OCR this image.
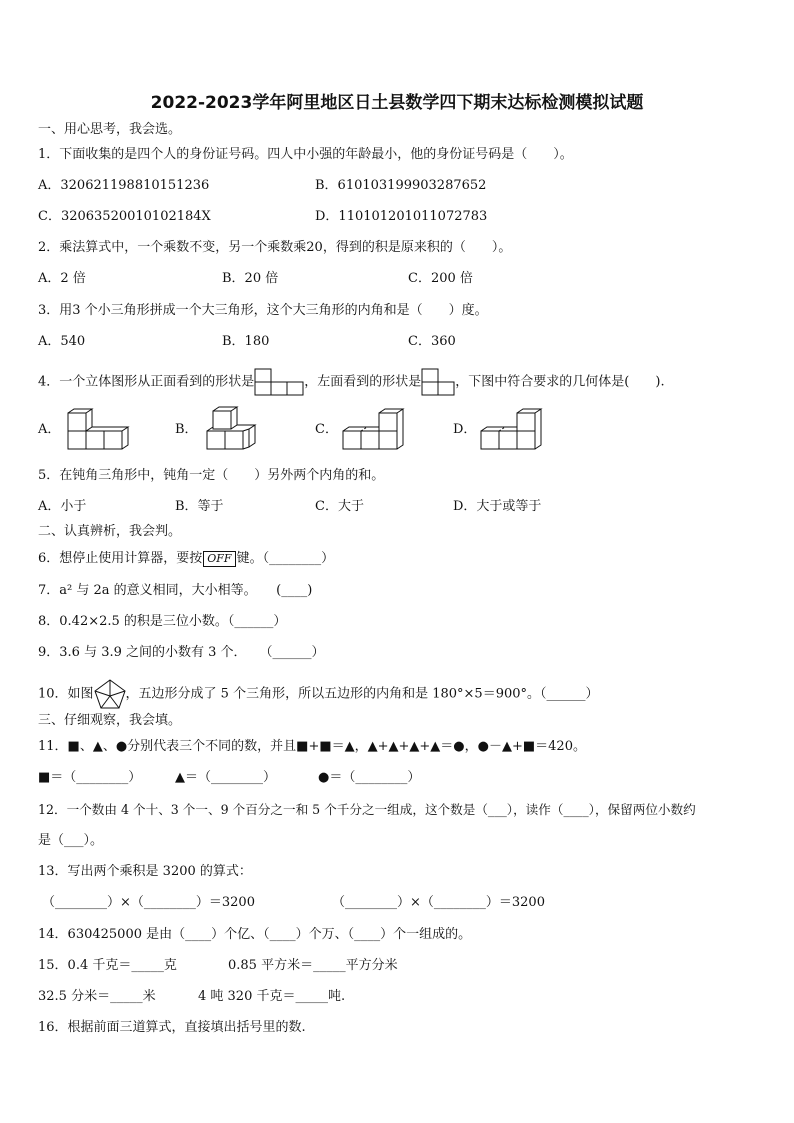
2022-2023学年阿里地区日土县数学四下期末达标检测模拟试题
一、用心思考，我会选。
1．下面收集的是四个人的身份证号码。四人中小强的年龄最小，他的身份证号码是（　　）。
A．320621198810151236	B．610103199903287652
C．320635200101021​84X	D．110101201011072783
2．乘法算式中，一个乘数不变，另一个乘数乘20，得到的积是原来积的（　　）。
A．2 倍	B．20 倍	C．200 倍
3．用3 个小三角形拼成一个大三角形，这个大三角形的内角和是（　　）度。
A．540	B．180	C．360
4．一个立体图形从正面看到的形状是	，左面看到的形状是	，下图中符合要求的几何体是(　　).
A．	B．	C．	D．
5．在钝角三角形中，钝角一定（　　）另外两个内角的和。
A．小于	B．等于	C．大于	D．大于或等于
二、认真辨析，我会判。
6．想停止使用计算器，要按 OFF 键。（________）
7．a² 与 2a 的意义相同，大小相等。　　(____)
8．0.42×2.5 的积是三位小数。（______）
9．3.6 与 3.9 之间的小数有 3 个．　　（______）
10．如图 ，五边形分成了 5 个三角形，所以五边形的内角和是 180°×5＝900°。（______）
三、仔细观察，我会填。
11．■、▲、●分别代表三个不同的数，并且■+■＝▲，▲+▲+▲+▲＝●，●－▲+■＝420。
■＝（________）	▲＝（________）	●＝（________）
12．一个数由 4 个十、3 个一、9 个百分之一和 5 个千分之一组成，这个数是（___），读作（____），保留两位小数约
是（___）。
13．写出两个乘积是 3200 的算式：
（________）×（________）＝3200	（________）×（________）＝3200
14．630425000 是由（____）个亿、（____）个万、（____）个一组成的。
15．0.4 千克＝_____克	0.85 平方米＝_____平方分米
32.5 分米＝_____米	4 吨 320 千克＝_____吨.
16．根据前面三道算式，直接填出括号里的数.
